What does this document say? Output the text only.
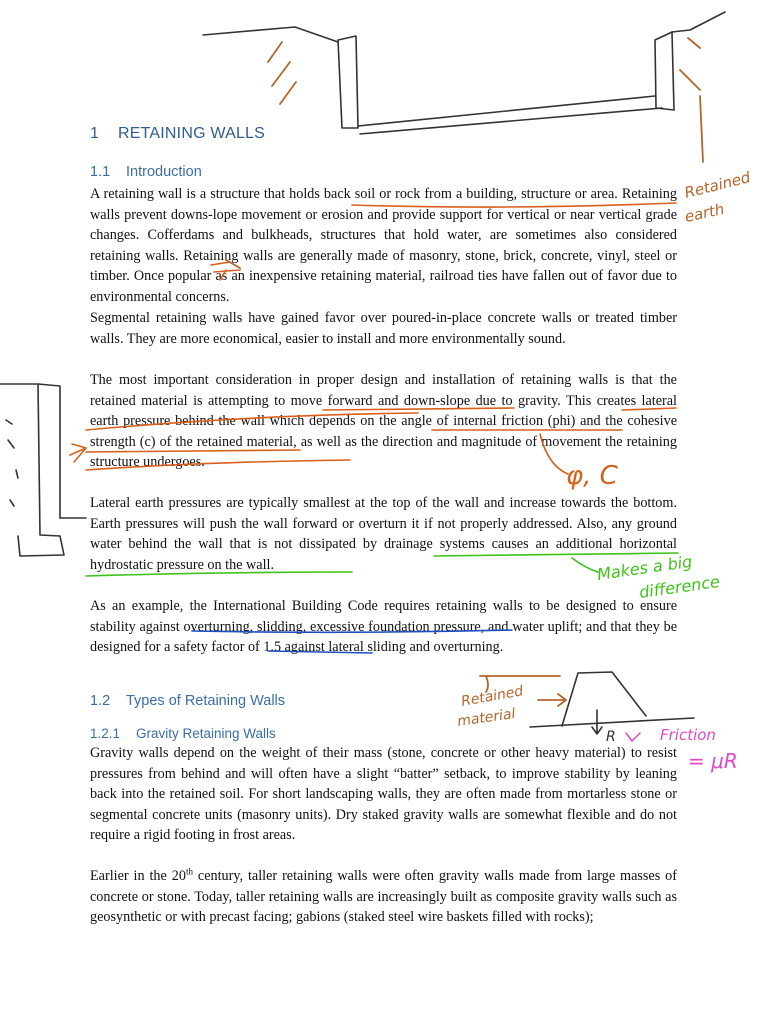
1 RETAINING WALLS
1.1 Introduction

A retaining wall is a structure that holds back soil or rock from a building, structure or area. Retaining walls prevent downs-lope movement or erosion and provide support for vertical or near vertical grade changes. Cofferdams and bulkheads, structures that hold water, are sometimes also considered retaining walls. Retaining walls are generally made of masonry, stone, brick, concrete, vinyl, steel or timber. Once popular as an inexpensive retaining material, railroad ties have fallen out of favor due to environmental concerns.

Segmental retaining walls have gained favor over poured-in-place concrete walls or treated timber walls. They are more economical, easier to install and more environmentally sound.

The most important consideration in proper design and installation of retaining walls is that the retained material is attempting to move forward and down-slope due to gravity. This creates lateral earth pressure behind the wall which depends on the angle of internal friction (phi) and the cohesive strength (c) of the retained material, as well as the direction and magnitude of movement the retaining structure undergoes.

Lateral earth pressures are typically smallest at the top of the wall and increase towards the bottom. Earth pressures will push the wall forward or overturn it if not properly addressed. Also, any ground water behind the wall that is not dissipated by drainage systems causes an additional horizontal hydrostatic pressure on the wall.

As an example, the International Building Code requires retaining walls to be designed to ensure stability against overturning, slidding, excessive foundation pressure, and water uplift; and that they be designed for a safety factor of 1.5 against lateral sliding and overturning.

1.2 Types of Retaining Walls
1.2.1 Gravity Retaining Walls

Gravity walls depend on the weight of their mass (stone, concrete or other heavy material) to resist pressures from behind and will often have a slight “batter” setback, to improve stability by leaning back into the retained soil. For short landscaping walls, they are often made from mortarless stone or segmental concrete units (masonry units). Dry staked gravity walls are somewhat flexible and do not require a rigid footing in frost areas.

Earlier in the 20th century, taller retaining walls were often gravity walls made from large masses of concrete or stone. Today, taller retaining walls are increasingly built as composite gravity walls such as geosynthetic or with precast facing; gabions (staked steel wire baskets filled with rocks);

Retained
earth
φ, C
Makes a big
difference
Retained
material
R	Friction
= μR
